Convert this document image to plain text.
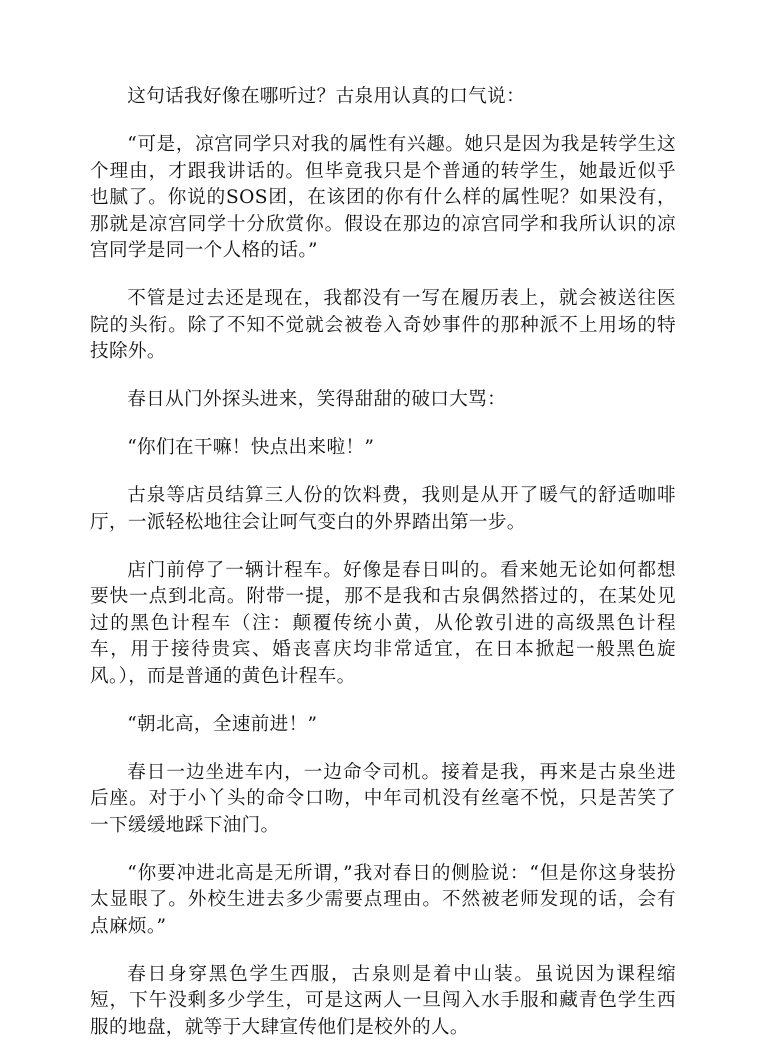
这句话我好像在哪听过？古泉用认真的口气说：

“可是，凉宫同学只对我的属性有兴趣。她只是因为我是转学生这个理由，才跟我讲话的。但毕竟我只是个普通的转学生，她最近似乎也腻了。你说的SOS团，在该团的你有什么样的属性呢？如果没有，那就是凉宫同学十分欣赏你。假设在那边的凉宫同学和我所认识的凉宫同学是同一个人格的话。”

不管是过去还是现在，我都没有一写在履历表上，就会被送往医院的头衔。除了不知不觉就会被卷入奇妙事件的那种派不上用场的特技除外。

春日从门外探头进来，笑得甜甜的破口大骂：

“你们在干嘛！快点出来啦！”

古泉等店员结算三人份的饮料费，我则是从开了暖气的舒适咖啡厅，一派轻松地往会让呵气变白的外界踏出第一步。

店门前停了一辆计程车。好像是春日叫的。看来她无论如何都想要快一点到北高。附带一提，那不是我和古泉偶然搭过的，在某处见过的黑色计程车（注：颠覆传统小黄，从伦敦引进的高级黑色计程车，用于接待贵宾、婚丧喜庆均非常适宜，在日本掀起一般黑色旋风。），而是普通的黄色计程车。

“朝北高，全速前进！”

春日一边坐进车内，一边命令司机。接着是我，再来是古泉坐进后座。对于小丫头的命令口吻，中年司机没有丝毫不悦，只是苦笑了一下缓缓地踩下油门。

“你要冲进北高是无所谓，”我对春日的侧脸说：“但是你这身装扮太显眼了。外校生进去多少需要点理由。不然被老师发现的话，会有点麻烦。”

春日身穿黑色学生西服，古泉则是着中山装。虽说因为课程缩短，下午没剩多少学生，可是这两人一旦闯入水手服和藏青色学生西服的地盘，就等于大肆宣传他们是校外的人。
